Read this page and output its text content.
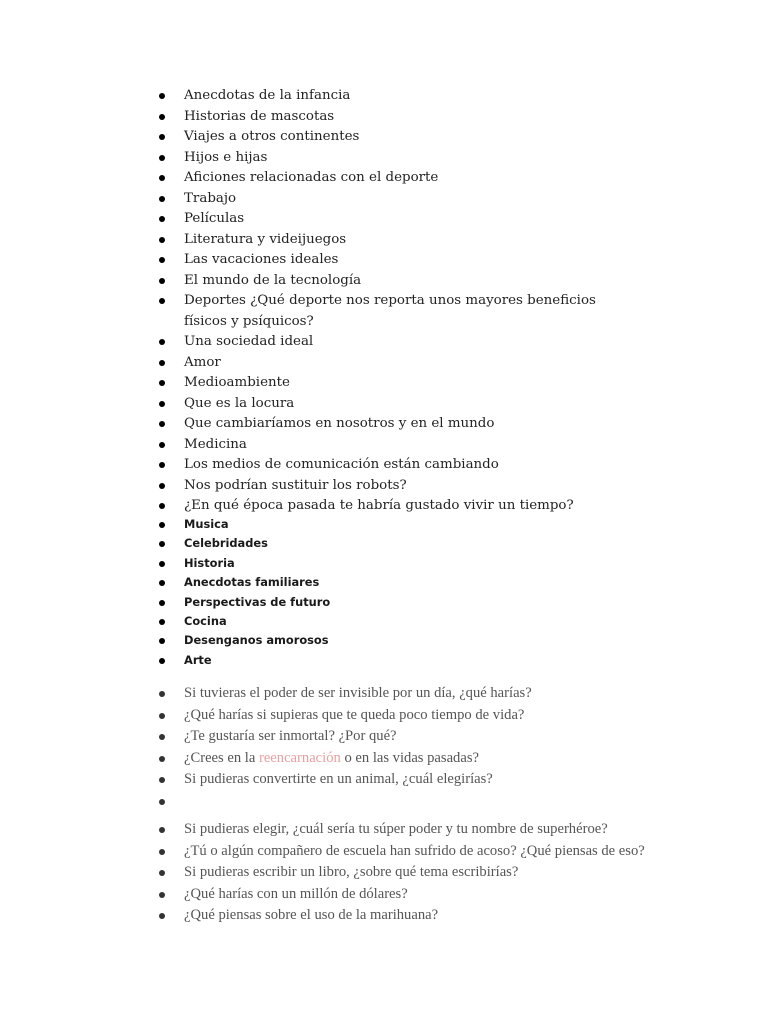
Anecdotas de la infancia
Historias de mascotas
Viajes a otros continentes
Hijos e hijas
Aficiones relacionadas con el deporte
Trabajo
Películas
Literatura y videijuegos
Las vacaciones ideales
El mundo de la tecnología
Deportes ¿Qué deporte nos reporta unos mayores beneficios físicos y psíquicos?
Una sociedad ideal
Amor
Medioambiente
Que es la locura
Que cambiaríamos en nosotros y en el mundo
Medicina
Los medios de comunicación están cambiando
Nos podrían sustituir los robots?
¿En qué época pasada te habría gustado vivir un tiempo?
Musica
Celebridades
Historia
Anecdotas familiares
Perspectivas de futuro
Cocina
Desenganos amorosos
Arte
Si tuvieras el poder de ser invisible por un día, ¿qué harías?
¿Qué harías si supieras que te queda poco tiempo de vida?
¿Te gustaría ser inmortal? ¿Por qué?
¿Crees en la reencarnación o en las vidas pasadas?
Si pudieras convertirte en un animal, ¿cuál elegirías?
Si pudieras elegir, ¿cuál sería tu súper poder y tu nombre de superhéroe?
¿Tú o algún compañero de escuela han sufrido de acoso? ¿Qué piensas de eso?
Si pudieras escribir un libro, ¿sobre qué tema escribirías?
¿Qué harías con un millón de dólares?
¿Qué piensas sobre el uso de la marihuana?
